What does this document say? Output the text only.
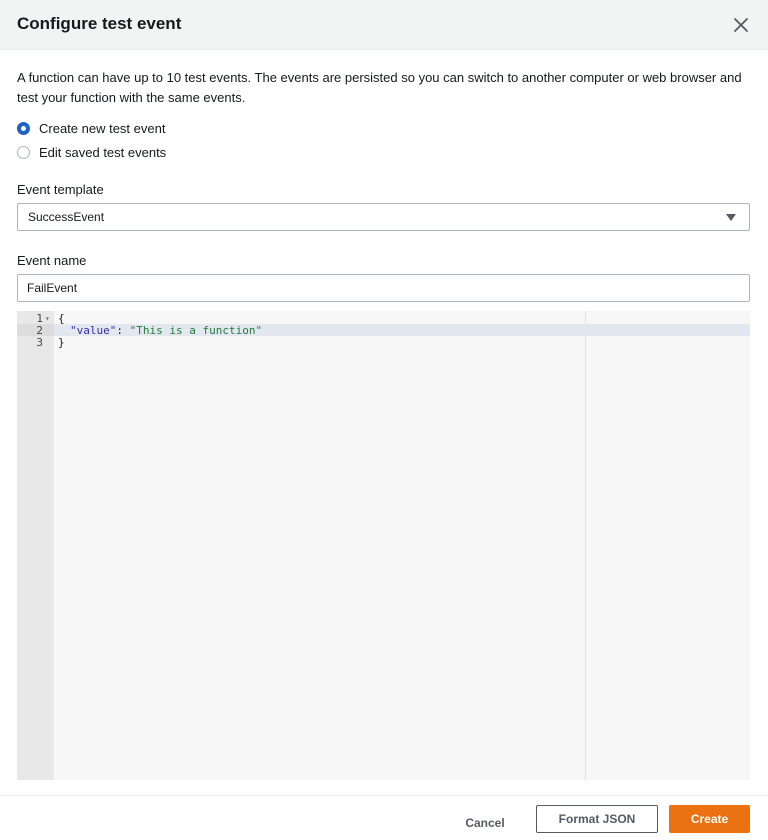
Configure test event
A function can have up to 10 test events. The events are persisted so you can switch to another computer or web browser and test your function with the same events.
Create new test event
Edit saved test events
Event template
SuccessEvent
Event name
FailEvent
1 ▾ {
2 "value": "This is a function"
3 }
Cancel	Format JSON	Create
